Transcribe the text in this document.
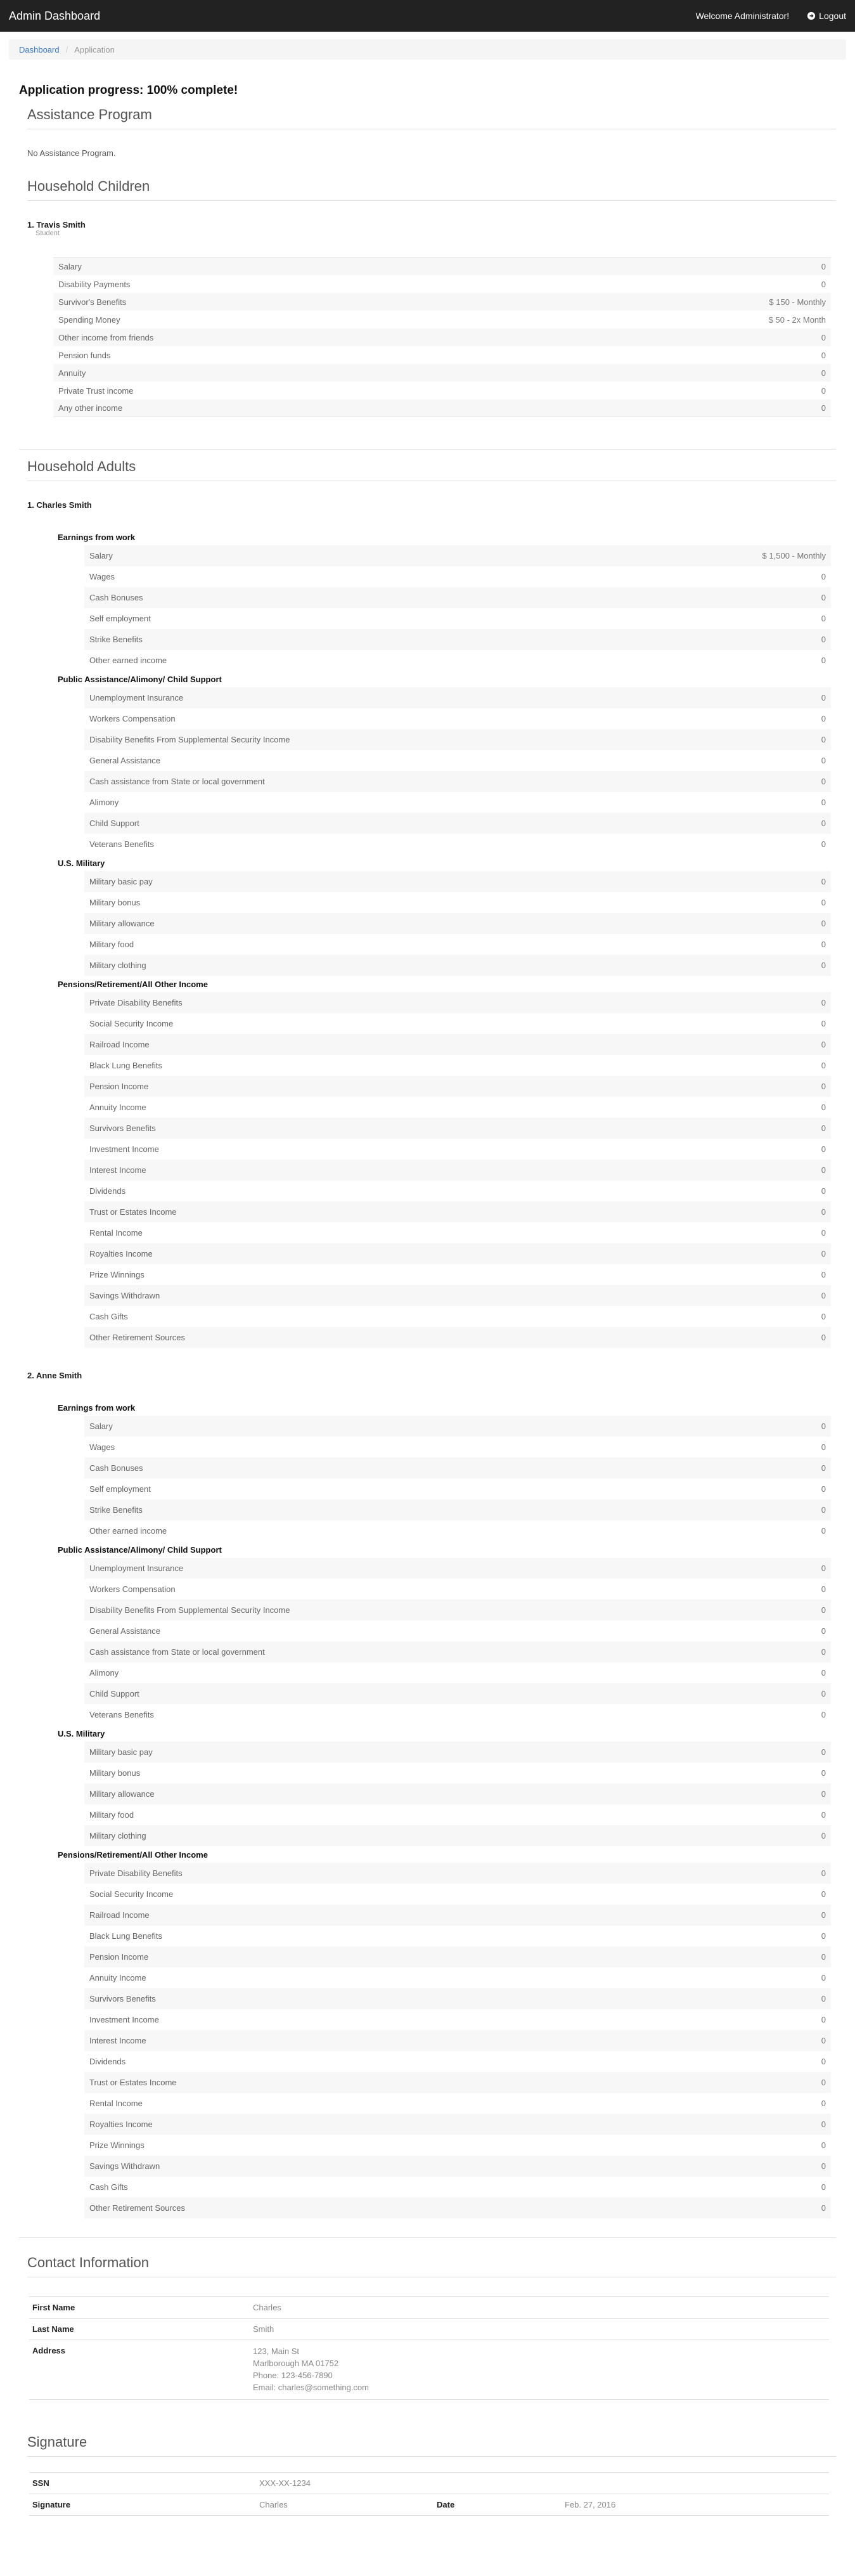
Admin Dashboard	Welcome Administrator!	Logout
Dashboard / Application
Application progress: 100% complete!
Assistance Program
No Assistance Program.
Household Children
1. Travis Smith
Student
Salary	0
Disability Payments	0
Survivor's Benefits	$ 150 - Monthly
Spending Money	$ 50 - 2x Month
Other income from friends	0
Pension funds	0
Annuity	0
Private Trust income	0
Any other income	0
Household Adults
1. Charles Smith
Earnings from work
Salary	$ 1,500 - Monthly
Wages	0
Cash Bonuses	0
Self employment	0
Strike Benefits	0
Other earned income	0
Public Assistance/Alimony/ Child Support
Unemployment Insurance	0
Workers Compensation	0
Disability Benefits From Supplemental Security Income	0
General Assistance	0
Cash assistance from State or local government	0
Alimony	0
Child Support	0
Veterans Benefits	0
U.S. Military
Military basic pay	0
Military bonus	0
Military allowance	0
Military food	0
Military clothing	0
Pensions/Retirement/All Other Income
Private Disability Benefits	0
Social Security Income	0
Railroad Income	0
Black Lung Benefits	0
Pension Income	0
Annuity Income	0
Survivors Benefits	0
Investment Income	0
Interest Income	0
Dividends	0
Trust or Estates Income	0
Rental Income	0
Royalties Income	0
Prize Winnings	0
Savings Withdrawn	0
Cash Gifts	0
Other Retirement Sources	0
2. Anne Smith
Earnings from work
Salary	0
Wages	0
Cash Bonuses	0
Self employment	0
Strike Benefits	0
Other earned income	0
Public Assistance/Alimony/ Child Support
Unemployment Insurance	0
Workers Compensation	0
Disability Benefits From Supplemental Security Income	0
General Assistance	0
Cash assistance from State or local government	0
Alimony	0
Child Support	0
Veterans Benefits	0
U.S. Military
Military basic pay	0
Military bonus	0
Military allowance	0
Military food	0
Military clothing	0
Pensions/Retirement/All Other Income
Private Disability Benefits	0
Social Security Income	0
Railroad Income	0
Black Lung Benefits	0
Pension Income	0
Annuity Income	0
Survivors Benefits	0
Investment Income	0
Interest Income	0
Dividends	0
Trust or Estates Income	0
Rental Income	0
Royalties Income	0
Prize Winnings	0
Savings Withdrawn	0
Cash Gifts	0
Other Retirement Sources	0
Contact Information
First Name	Charles
Last Name	Smith
Address	123, Main St
Marlborough MA 01752
Phone: 123-456-7890
Email: charles@something.com
Signature
SSN	XXX-XX-1234		
Signature	Charles	Date	Feb. 27, 2016
